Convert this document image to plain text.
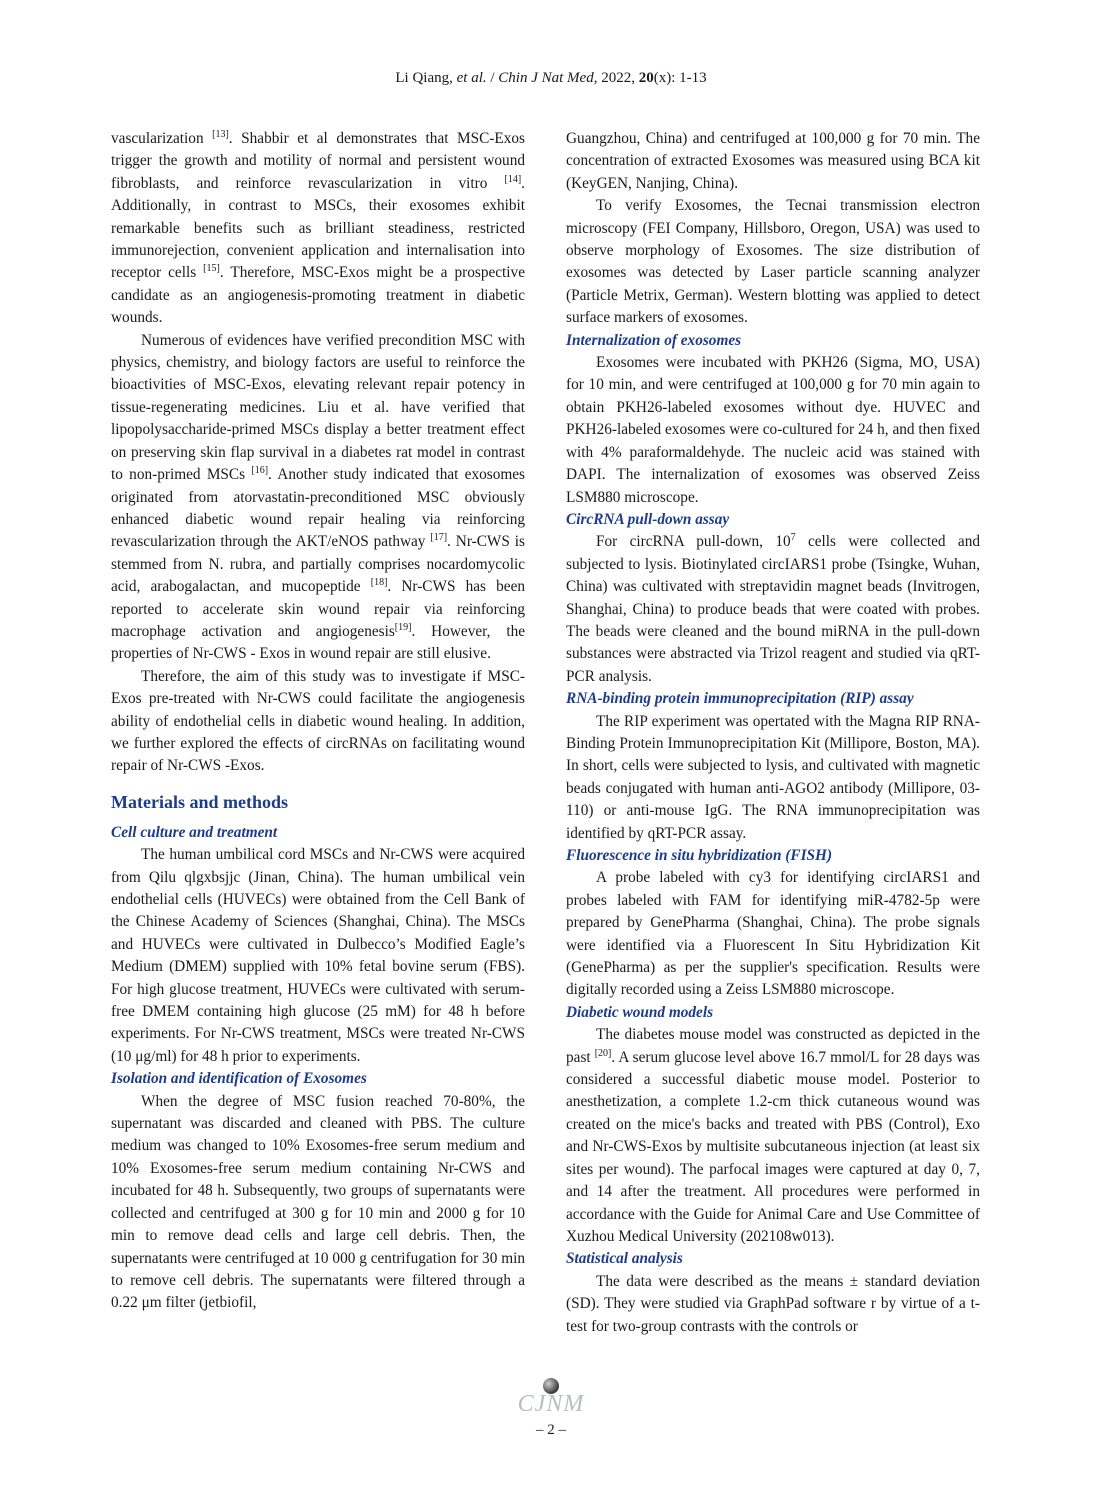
Li Qiang, et al. / Chin J Nat Med, 2022, 20(x): 1-13

vascularization [13]. Shabbir et al demonstrates that MSC-Exos trigger the growth and motility of normal and persistent wound fibroblasts, and reinforce revascularization in vitro [14]. Additionally, in contrast to MSCs, their exosomes exhibit remarkable benefits such as brilliant steadiness, restricted immunorejection, convenient application and internalisation into receptor cells [15]. Therefore, MSC-Exos might be a prospective candidate as an angiogenesis-promoting treatment in diabetic wounds.

Numerous of evidences have verified precondition MSC with physics, chemistry, and biology factors are useful to reinforce the bioactivities of MSC-Exos, elevating relevant repair potency in tissue-regenerating medicines. Liu et al. have verified that lipopolysaccharide-primed MSCs display a better treatment effect on preserving skin flap survival in a diabetes rat model in contrast to non-primed MSCs [16]. Another study indicated that exosomes originated from atorvastatin-preconditioned MSC obviously enhanced diabetic wound repair healing via reinforcing revascularization through the AKT/eNOS pathway [17]. Nr-CWS is stemmed from N. rubra, and partially comprises nocardomycolic acid, arabogalactan, and mucopeptide [18]. Nr-CWS has been reported to accelerate skin wound repair via reinforcing macrophage activation and angiogenesis[19]. However, the properties of Nr-CWS - Exos in wound repair are still elusive.

Therefore, the aim of this study was to investigate if MSC-Exos pre-treated with Nr-CWS could facilitate the angiogenesis ability of endothelial cells in diabetic wound healing. In addition, we further explored the effects of circRNAs on facilitating wound repair of Nr-CWS -Exos.

Materials and methods
Cell culture and treatment

The human umbilical cord MSCs and Nr-CWS were acquired from Qilu qlgxbsjjc (Jinan, China). The human umbilical vein endothelial cells (HUVECs) were obtained from the Cell Bank of the Chinese Academy of Sciences (Shanghai, China). The MSCs and HUVECs were cultivated in Dulbecco’s Modified Eagle’s Medium (DMEM) supplied with 10% fetal bovine serum (FBS). For high glucose treatment, HUVECs were cultivated with serum-free DMEM containing high glucose (25 mM) for 48 h before experiments. For Nr-CWS treatment, MSCs were treated Nr-CWS (10 μg/ml) for 48 h prior to experiments.

Isolation and identification of Exosomes

When the degree of MSC fusion reached 70-80%, the supernatant was discarded and cleaned with PBS. The culture medium was changed to 10% Exosomes-free serum medium and 10% Exosomes-free serum medium containing Nr-CWS and incubated for 48 h. Subsequently, two groups of supernatants were collected and centrifuged at 300 g for 10 min and 2000 g for 10 min to remove dead cells and large cell debris. Then, the supernatants were centrifuged at 10 000 g centrifugation for 30 min to remove cell debris. The supernatants were filtered through a 0.22 μm filter (jetbiofil,

Guangzhou, China) and centrifuged at 100,000 g for 70 min. The concentration of extracted Exosomes was measured using BCA kit (KeyGEN, Nanjing, China).

To verify Exosomes, the Tecnai transmission electron microscopy (FEI Company, Hillsboro, Oregon, USA) was used to observe morphology of Exosomes. The size distribution of exosomes was detected by Laser particle scanning analyzer (Particle Metrix, German). Western blotting was applied to detect surface markers of exosomes.

Internalization of exosomes

Exosomes were incubated with PKH26 (Sigma, MO, USA) for 10 min, and were centrifuged at 100,000 g for 70 min again to obtain PKH26-labeled exosomes without dye. HUVEC and PKH26-labeled exosomes were co-cultured for 24 h, and then fixed with 4% paraformaldehyde. The nucleic acid was stained with DAPI. The internalization of exosomes was observed Zeiss LSM880 microscope.

CircRNA pull-down assay

For circRNA pull-down, $10^7$ cells were collected and subjected to lysis. Biotinylated circIARS1 probe (Tsingke, Wuhan, China) was cultivated with streptavidin magnet beads (Invitrogen, Shanghai, China) to produce beads that were coated with probes. The beads were cleaned and the bound miRNA in the pull-down substances were abstracted via Trizol reagent and studied via qRT-PCR analysis.

RNA-binding protein immunoprecipitation (RIP) assay

The RIP experiment was opertated with the Magna RIP RNA-Binding Protein Immunoprecipitation Kit (Millipore, Boston, MA). In short, cells were subjected to lysis, and cultivated with magnetic beads conjugated with human anti-AGO2 antibody (Millipore, 03-110) or anti-mouse IgG. The RNA immunoprecipitation was identified by qRT-PCR assay.

Fluorescence in situ hybridization (FISH)

A probe labeled with cy3 for identifying circIARS1 and probes labeled with FAM for identifying miR-4782-5p were prepared by GenePharma (Shanghai, China). The probe signals were identified via a Fluorescent In Situ Hybridization Kit (GenePharma) as per the supplier's specification. Results were digitally recorded using a Zeiss LSM880 microscope.

Diabetic wound models

The diabetes mouse model was constructed as depicted in the past [20]. A serum glucose level above 16.7 mmol/L for 28 days was considered a successful diabetic mouse model. Posterior to anesthetization, a complete 1.2-cm thick cutaneous wound was created on the mice's backs and treated with PBS (Control), Exo and Nr-CWS-Exos by multisite subcutaneous injection (at least six sites per wound). The parfocal images were captured at day 0, 7, and 14 after the treatment. All procedures were performed in accordance with the Guide for Animal Care and Use Committee of Xuzhou Medical University (202108w013).

Statistical analysis

The data were described as the means ± standard deviation (SD). They were studied via GraphPad software r by virtue of a t-test for two-group contrasts with the controls or

CJNM
– 2 –
